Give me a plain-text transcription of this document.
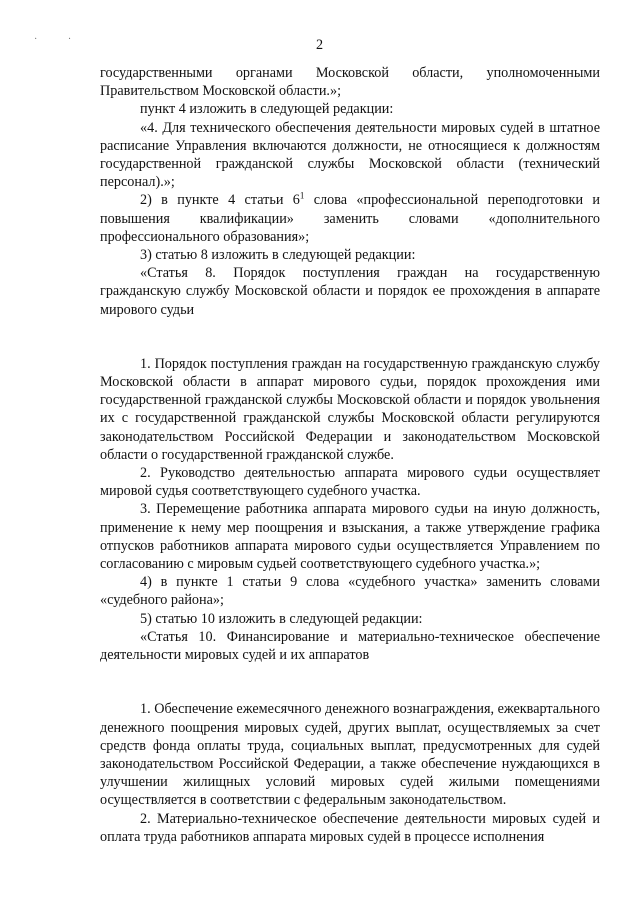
· ·	2

государственными органами Московской области, уполномоченными Правительством Московской области.»;

пункт 4 изложить в следующей редакции:

«4. Для технического обеспечения деятельности мировых судей в штатное расписание Управления включаются должности, не относящиеся к должностям государственной гражданской службы Московской области (технический персонал).»;

2) в пункте 4 статьи $6^1$ слова «профессиональной переподготовки и повышения квалификации» заменить словами «дополнительного профессионального образования»;

3) статью 8 изложить в следующей редакции:

«Статья 8. Порядок поступления граждан на государственную гражданскую службу Московской области и порядок ее прохождения в аппарате мирового судьи

1. Порядок поступления граждан на государственную гражданскую службу Московской области в аппарат мирового судьи, порядок прохождения ими государственной гражданской службы Московской области и порядок увольнения их с государственной гражданской службы Московской области регулируются законодательством Российской Федерации и законодательством Московской области о государственной гражданской службе.

2. Руководство деятельностью аппарата мирового судьи осуществляет мировой судья соответствующего судебного участка.

3. Перемещение работника аппарата мирового судьи на иную должность, применение к нему мер поощрения и взыскания, а также утверждение графика отпусков работников аппарата мирового судьи осуществляется Управлением по согласованию с мировым судьей соответствующего судебного участка.»;

4) в пункте 1 статьи 9 слова «судебного участка» заменить словами «судебного района»;

5) статью 10 изложить в следующей редакции:

«Статья 10. Финансирование и материально-техническое обеспечение деятельности мировых судей и их аппаратов

1. Обеспечение ежемесячного денежного вознаграждения, ежеквартального денежного поощрения мировых судей, других выплат, осуществляемых за счет средств фонда оплаты труда, социальных выплат, предусмотренных для судей законодательством Российской Федерации, а также обеспечение нуждающихся в улучшении жилищных условий мировых судей жилыми помещениями осуществляется в соответствии с федеральным законодательством.

2. Материально-техническое обеспечение деятельности мировых судей и оплата труда работников аппарата мировых судей в процессе исполнения
